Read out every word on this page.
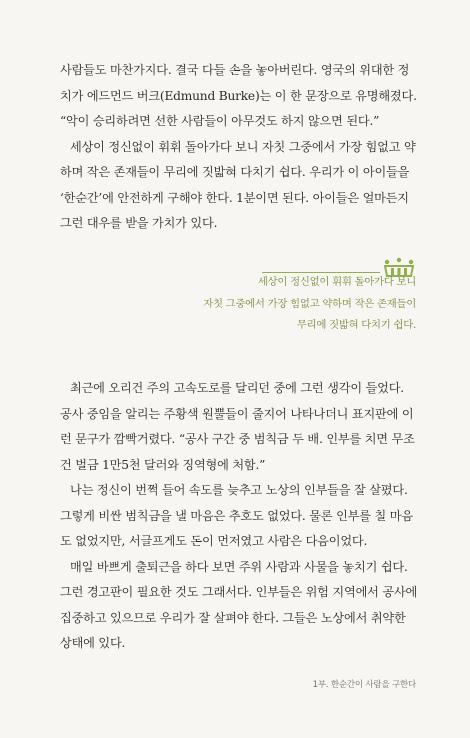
사람들도 마찬가지다. 결국 다들 손을 놓아버린다. 영국의 위대한 정치가 에드먼드 버크(Edmund Burke)는 이 한 문장으로 유명해졌다. “악이 승리하려면 선한 사람들이 아무것도 하지 않으면 된다.”

세상이 정신없이 휘휘 돌아가다 보니 자칫 그중에서 가장 힘없고 약하며 작은 존재들이 무리에 짓밟혀 다치기 쉽다. 우리가 이 아이들을 ‘한순간’에 안전하게 구해야 한다. 1분이면 된다. 아이들은 얼마든지 그런 대우를 받을 가치가 있다.

세상이 정신없이 휘휘 돌아가다 보니
자칫 그중에서 가장 힘없고 약하며 작은 존재들이
무리에 짓밟혀 다치기 쉽다.

최근에 오리건 주의 고속도로를 달리던 중에 그런 생각이 들었다. 공사 중임을 알리는 주황색 원뿔들이 줄지어 나타나더니 표지판에 이런 문구가 깜빡거렸다. “공사 구간 중 범칙금 두 배. 인부를 치면 무조건 벌금 1만5천 달러와 징역형에 처함.”

나는 정신이 번쩍 들어 속도를 늦추고 노상의 인부들을 잘 살폈다. 그렇게 비싼 범칙금을 낼 마음은 추호도 없었다. 물론 인부를 칠 마음도 없었지만, 서글프게도 돈이 먼저였고 사람은 다음이었다.

매일 바쁘게 출퇴근을 하다 보면 주위 사람과 사물을 놓치기 쉽다. 그런 경고판이 필요한 것도 그래서다. 인부들은 위험 지역에서 공사에 집중하고 있으므로 우리가 잘 살펴야 한다. 그들은 노상에서 취약한 상태에 있다.

1부. 한순간이 사람을 구한다
